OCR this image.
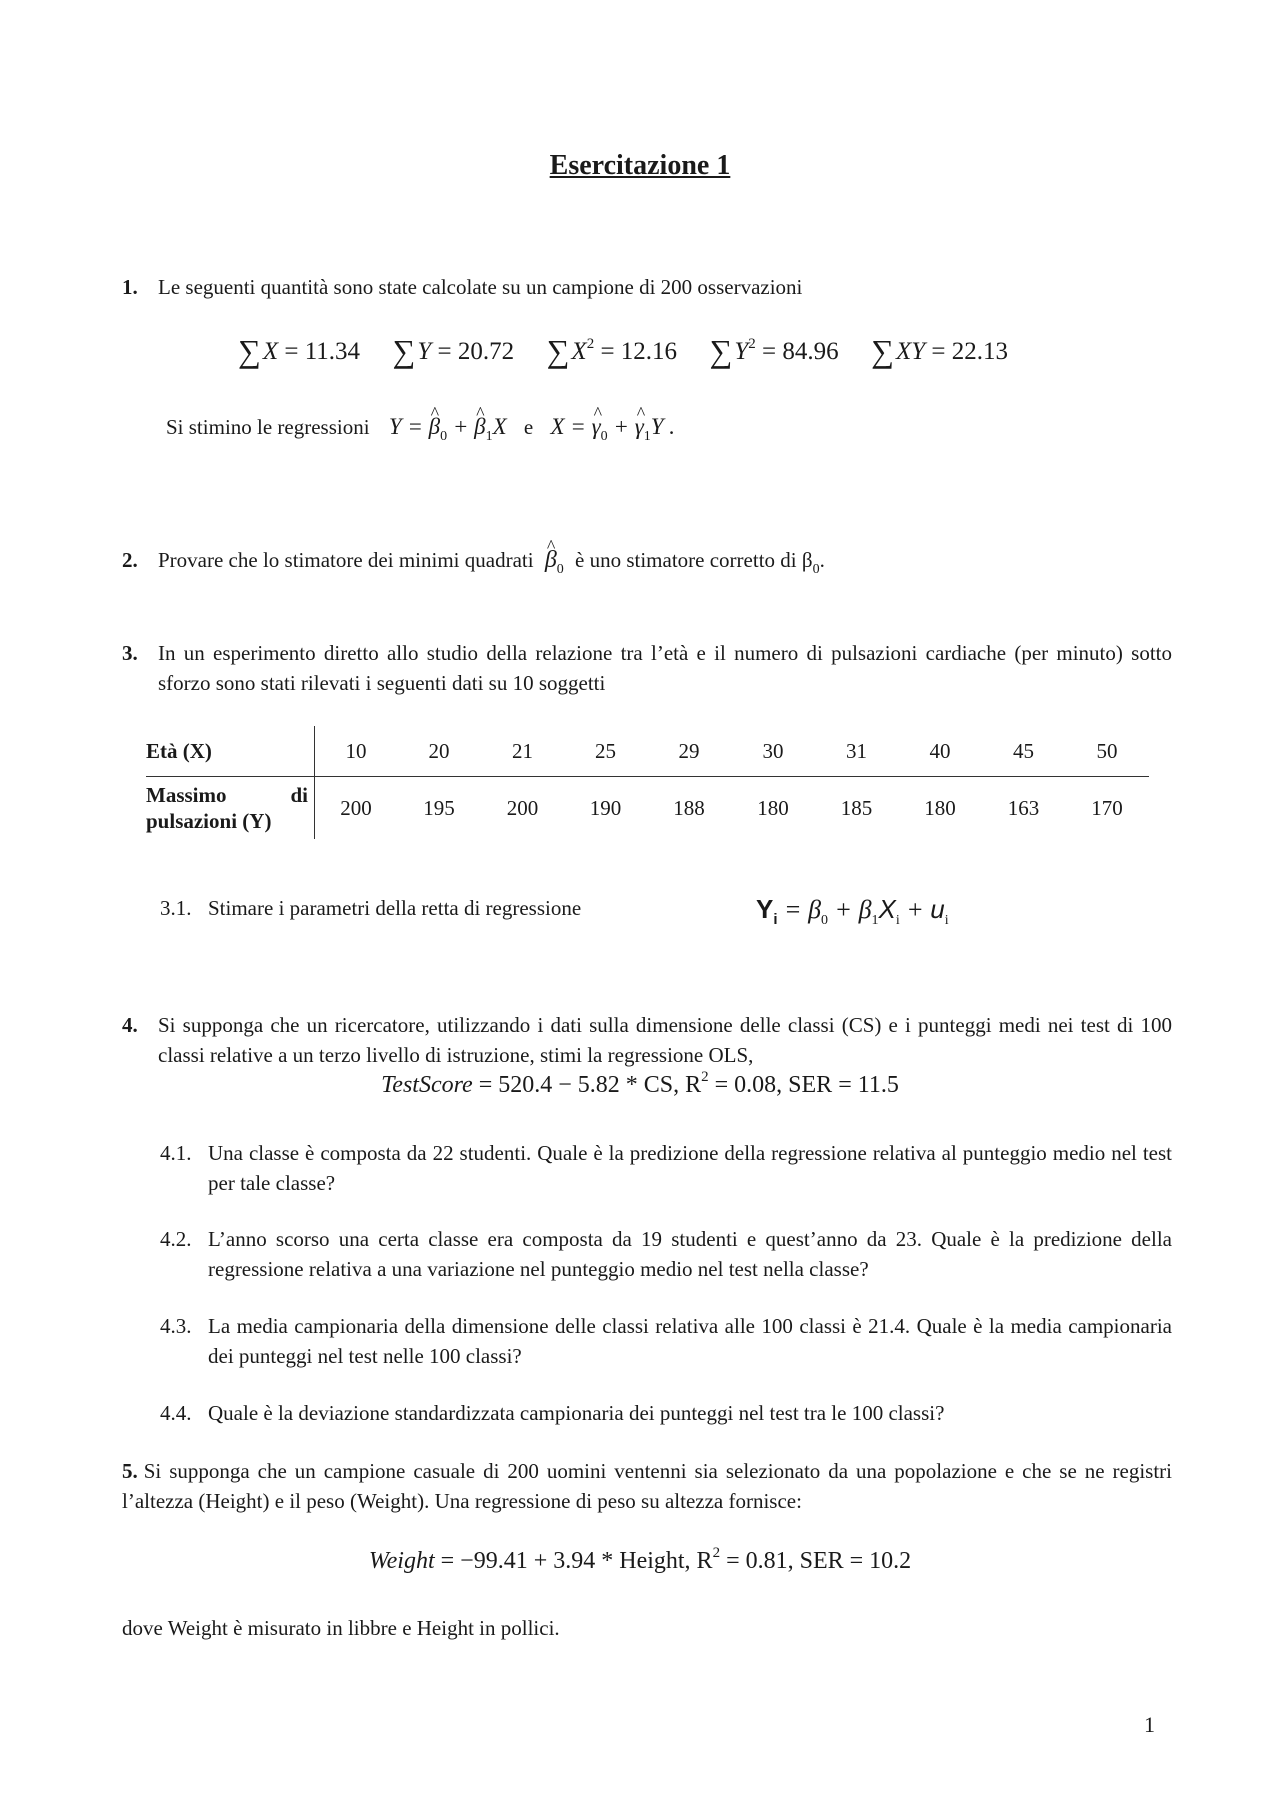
Esercitazione 1
1. Le seguenti quantità sono state calcolate su un campione di 200 osservazioni
∑X = 11.34 ∑Y = 20.72 $\sum X^2 = 12.16$ $\sum Y^2 = 84.96$ ∑XY = 22.13
Si stimino le regressioni Y = ^ $\beta_0$ + ^ $\beta_1X$ e X = ^ $\gamma_0$ + ^ $\gamma_1Y$ .
2. Provare che lo stimatore dei minimi quadrati ^ $\beta_0$ è uno stimatore corretto di $\beta_0$.
3. In un esperimento diretto allo studio della relazione tra l’età e il numero di pulsazioni cardiache (per minuto) sotto sforzo sono stati rilevati i seguenti dati su 10 soggetti
Età (X)	10	20	21	25	29	30	31	40	45	50

Massimo di
pulsazioni (Y)	200	195	200	190	188	180	185	180	163	170
3.1. Stimare i parametri della retta di regressione	$Y_i = \beta_0 + \beta_1X_i + u_i$
4. Si supponga che un ricercatore, utilizzando i dati sulla dimensione delle classi (CS) e i punteggi medi nei test di 100 classi relative a un terzo livello di istruzione, stimi la regressione OLS,
TestScore = 520.4 − 5.82 * CS, $R^2 = 0.08$, SER = 11.5
4.1. Una classe è composta da 22 studenti. Quale è la predizione della regressione relativa al punteggio medio nel test per tale classe?
4.2. L’anno scorso una certa classe era composta da 19 studenti e quest’anno da 23. Quale è la predizione della regressione relativa a una variazione nel punteggio medio nel test nella classe?
4.3. La media campionaria della dimensione delle classi relativa alle 100 classi è 21.4. Quale è la media campionaria dei punteggi nel test nelle 100 classi?
4.4. Quale è la deviazione standardizzata campionaria dei punteggi nel test tra le 100 classi?
5. Si supponga che un campione casuale di 200 uomini ventenni sia selezionato da una popolazione e che se ne registri l’altezza (Height) e il peso (Weight). Una regressione di peso su altezza fornisce:
Weight = −99.41 + 3.94 * Height, $R^2 = 0.81$, SER = 10.2
dove Weight è misurato in libbre e Height in pollici.
1
